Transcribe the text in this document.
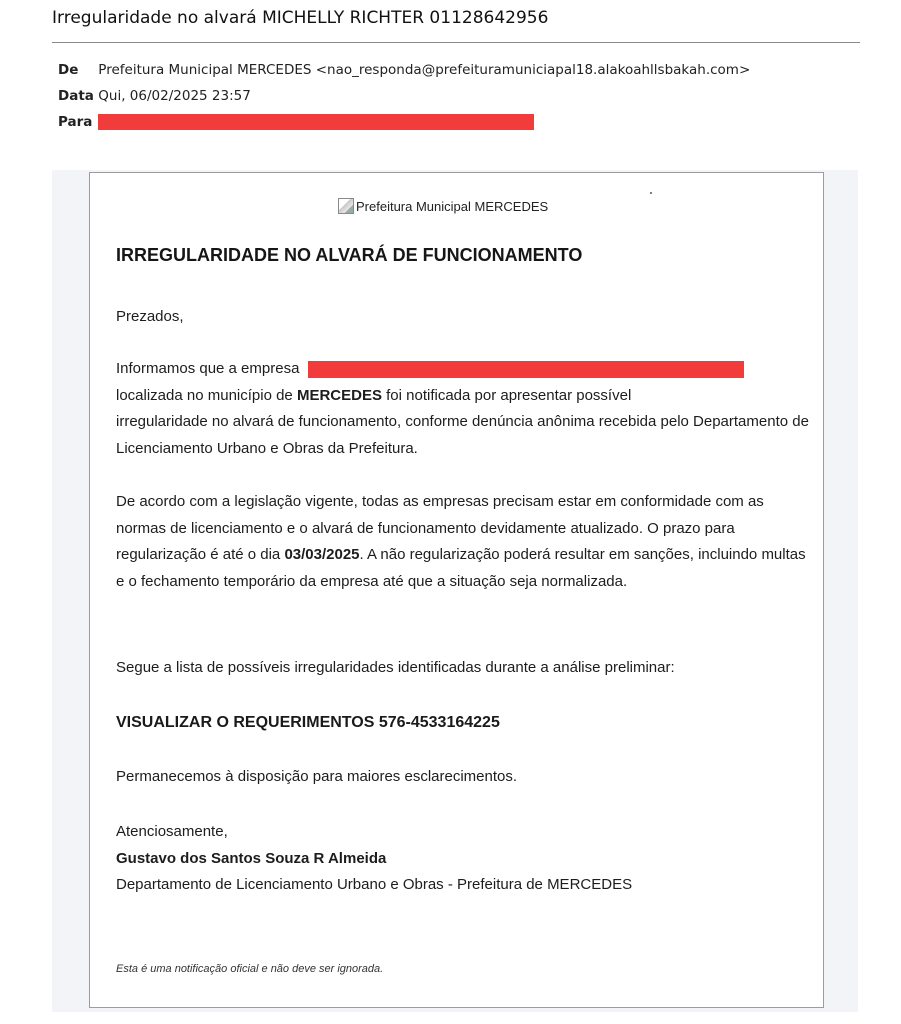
Irregularidade no alvará MICHELLY RICHTER 01128642956
De Prefeitura Municipal MERCEDES <nao_responda@prefeituramuniciapal18.alakoahllsbakah.com>
Data Qui, 06/02/2025 23:57
Para
Prefeitura Municipal MERCEDES
IRREGULARIDADE NO ALVARÁ DE FUNCIONAMENTO
Prezados,
Informamos que a empresa
localizada no município de MERCEDES foi notificada por apresentar possível
irregularidade no alvará de funcionamento, conforme denúncia anônima recebida pelo Departamento de Licenciamento Urbano e Obras da Prefeitura.
De acordo com a legislação vigente, todas as empresas precisam estar em conformidade com as normas de licenciamento e o alvará de funcionamento devidamente atualizado. O prazo para regularização é até o dia 03/03/2025. A não regularização poderá resultar em sanções, incluindo multas e o fechamento temporário da empresa até que a situação seja normalizada.
Segue a lista de possíveis irregularidades identificadas durante a análise preliminar:
VISUALIZAR O REQUERIMENTOS 576-4533164225
Permanecemos à disposição para maiores esclarecimentos.
Atenciosamente,
Gustavo dos Santos Souza R Almeida
Departamento de Licenciamento Urbano e Obras - Prefeitura de MERCEDES
Esta é uma notificação oficial e não deve ser ignorada.
